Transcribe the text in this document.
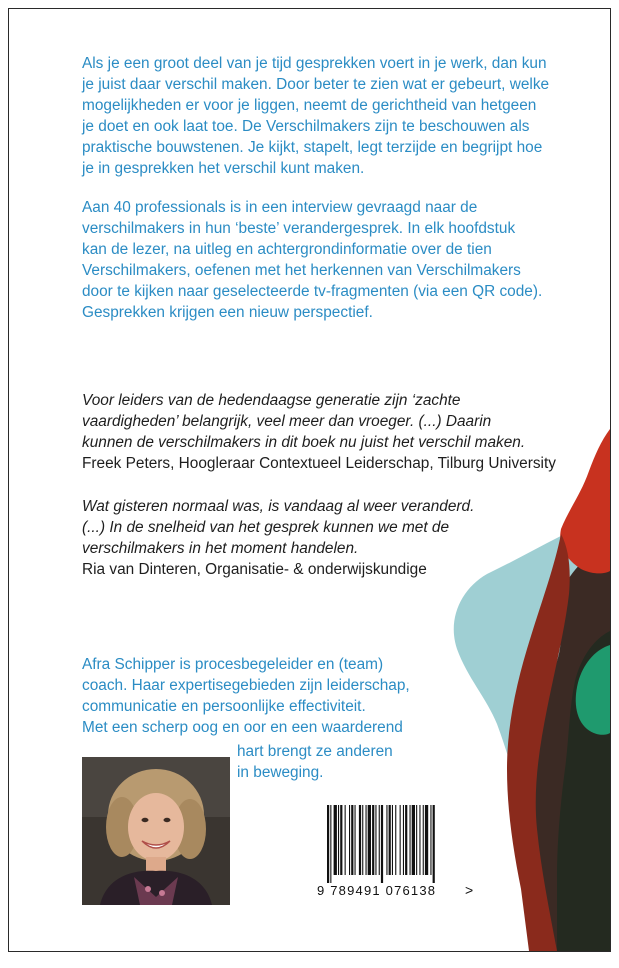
Als je een groot deel van je tijd gesprekken voert in je werk, dan kun
je juist daar verschil maken. Door beter te zien wat er gebeurt, welke
mogelijkheden er voor je liggen, neemt de gerichtheid van hetgeen
je doet en ook laat toe. De Verschilmakers zijn te beschouwen als
praktische bouwstenen. Je kijkt, stapelt, legt terzijde en begrijpt hoe
je in gesprekken het verschil kunt maken.

Aan 40 professionals is in een interview gevraagd naar de
verschilmakers in hun ‘beste’ verandergesprek. In elk hoofdstuk
kan de lezer, na uitleg en achtergrondinformatie over de tien
Verschilmakers, oefenen met het herkennen van Verschilmakers
door te kijken naar geselecteerde tv-fragmenten (via een QR code).
Gesprekken krijgen een nieuw perspectief.

Voor leiders van de hedendaagse generatie zijn ‘zachte
vaardigheden’ belangrijk, veel meer dan vroeger. (...) Daarin
kunnen de verschilmakers in dit boek nu juist het verschil maken.
Freek Peters, Hoogleraar Contextueel Leiderschap, Tilburg University

Wat gisteren normaal was, is vandaag al weer veranderd.
(...) In de snelheid van het gesprek kunnen we met de
verschilmakers in het moment handelen.
Ria van Dinteren, Organisatie- & onderwijskundige

Afra Schipper is procesbegeleider en (team)
coach. Haar expertisegebieden zijn leiderschap,
communicatie en persoonlijke effectiviteit.
Met een scherp oog en oor en een waarderend

hart brengt ze anderen
in beweging.

9 789491 076138 >
